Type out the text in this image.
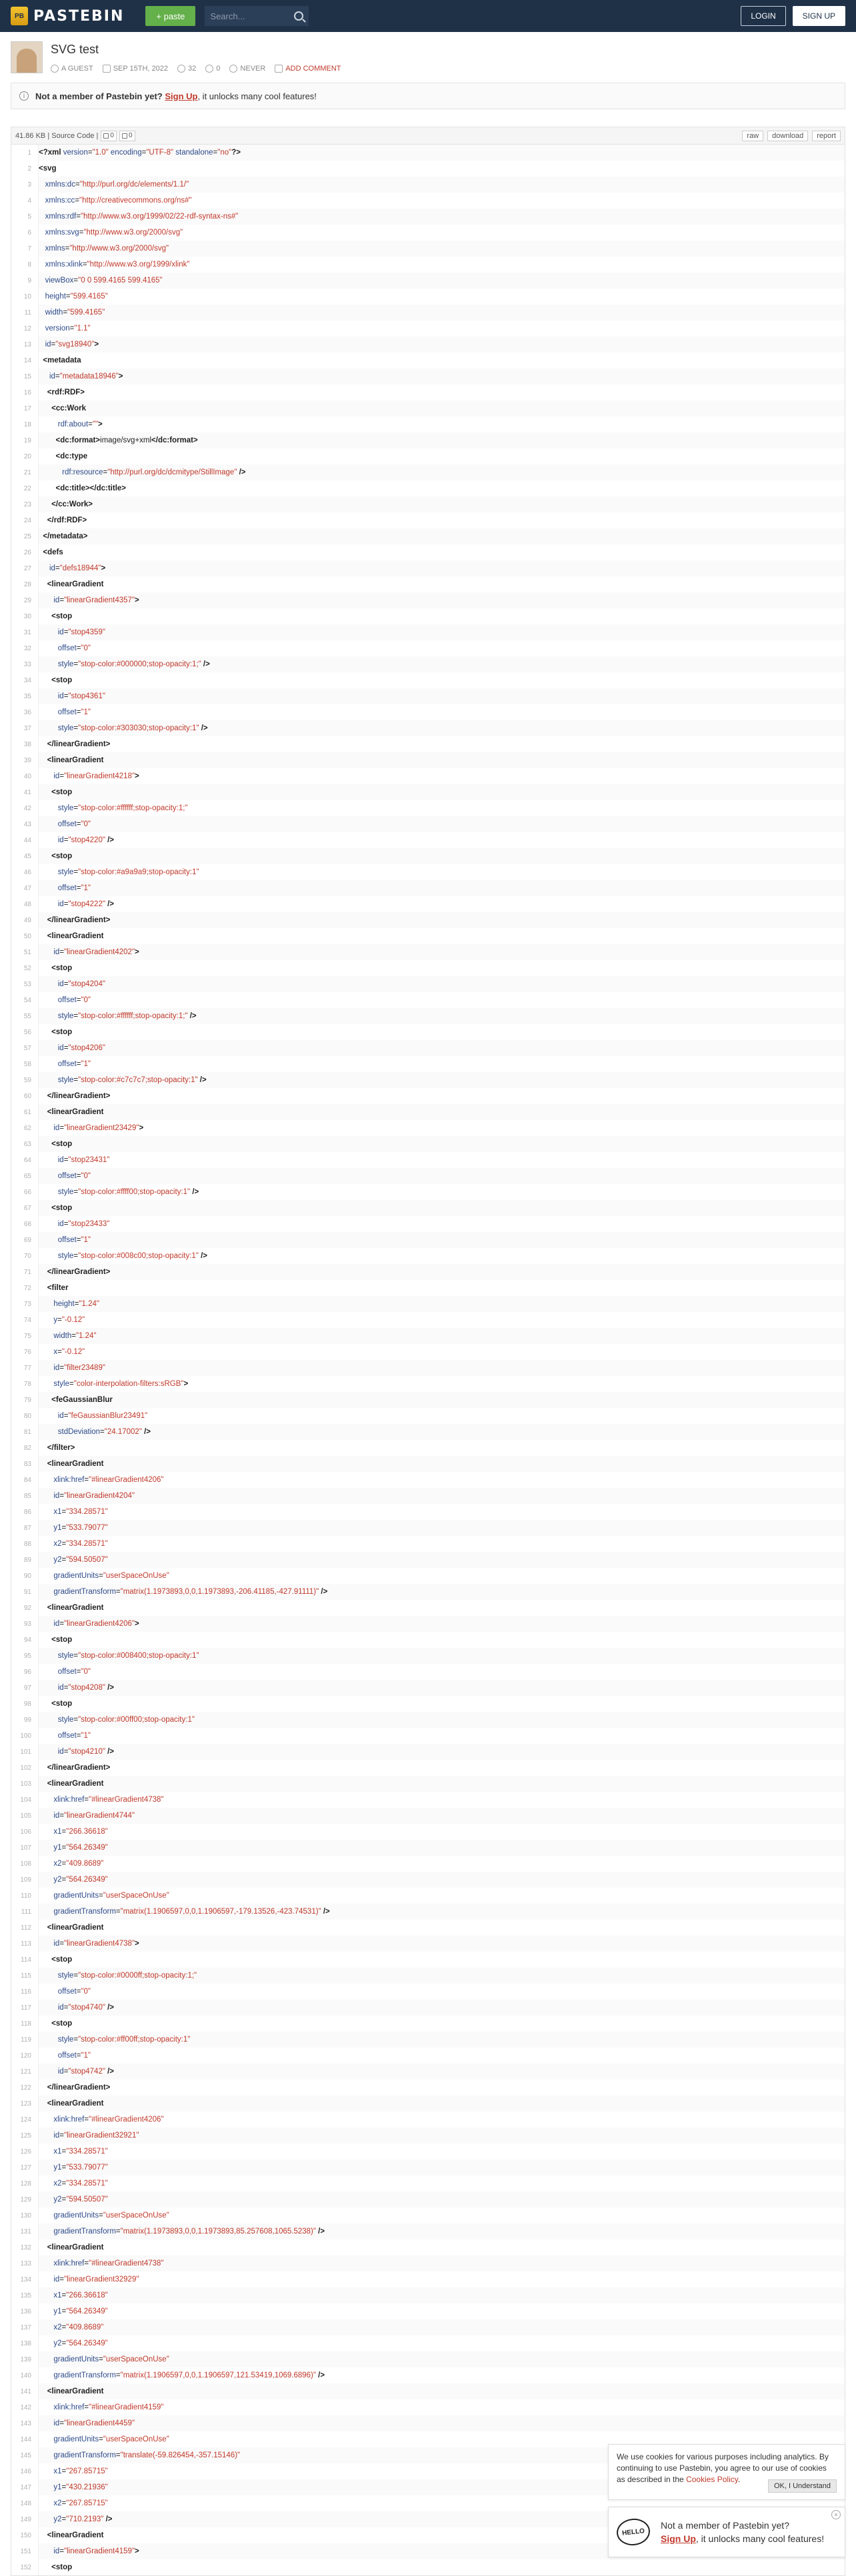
PB PASTEBIN	+ paste
Search...	LOGIN	SIGN UP
SVG test
A GUEST	SEP 15TH, 2022	32	0	NEVER	ADD COMMENT
i	Not a member of Pastebin yet?
Sign Up , it unlocks many cool features!
41.86 KB | Source Code | 0 0	raw	download	report
1 <?xml version = "1.0" encoding = "UTF-8" standalone = "no" ?>
2 <svg
3 xmlns:dc = "http://purl.org/dc/elements/1.1/"
4 xmlns:cc = "http://creativecommons.org/ns#"
5 xmlns:rdf = "http://www.w3.org/1999/02/22-rdf-syntax-ns#"
6 xmlns:svg = "http://www.w3.org/2000/svg"
7 xmlns = "http://www.w3.org/2000/svg"
8 xmlns:xlink = "http://www.w3.org/1999/xlink"
9 viewBox = "0 0 599.4165 599.4165"
10 height = "599.4165"
11 width = "599.4165"
12 version = "1.1"
13 id = "svg18940" >
14 <metadata
15 id = "metadata18946" >
16 <rdf:RDF>
17 <cc:Work
18 rdf:about = "" >
19 <dc:format> image/svg+xml </dc:format>
20 <dc:type
21 rdf:resource = "http://purl.org/dc/dcmitype/StillImage" />
22 <dc:title></dc:title>
23 </cc:Work>
24 </rdf:RDF>
25 </metadata>
26 <defs
27 id = "defs18944" >
28 <linearGradient
29 id = "linearGradient4357" >
30 <stop
31 id = "stop4359"
32 offset = "0"
33 style = "stop-color:#000000;stop-opacity:1;" />
34 <stop
35 id = "stop4361"
36 offset = "1"
37 style = "stop-color:#303030;stop-opacity:1" />
38 </linearGradient>
39 <linearGradient
40 id = "linearGradient4218" >
41 <stop
42 style = "stop-color:#ffffff;stop-opacity:1;"
43 offset = "0"
44 id = "stop4220" />
45 <stop
46 style = "stop-color:#a9a9a9;stop-opacity:1"
47 offset = "1"
48 id = "stop4222" />
49 </linearGradient>
50 <linearGradient
51 id = "linearGradient4202" >
52 <stop
53 id = "stop4204"
54 offset = "0"
55 style = "stop-color:#ffffff;stop-opacity:1;" />
56 <stop
57 id = "stop4206"
58 offset = "1"
59 style = "stop-color:#c7c7c7;stop-opacity:1" />
60 </linearGradient>
61 <linearGradient
62 id = "linearGradient23429" >
63 <stop
64 id = "stop23431"
65 offset = "0"
66 style = "stop-color:#ffff00;stop-opacity:1" />
67 <stop
68 id = "stop23433"
69 offset = "1"
70 style = "stop-color:#008c00;stop-opacity:1" />
71 </linearGradient>
72 <filter
73 height = "1.24"
74 y = "-0.12"
75 width = "1.24"
76 x = "-0.12"
77 id = "filter23489"
78 style = "color-interpolation-filters:sRGB" >
79 <feGaussianBlur
80 id = "feGaussianBlur23491"
81 stdDeviation = "24.17002" />
82 </filter>
83 <linearGradient
84 xlink:href = "#linearGradient4206"
85 id = "linearGradient4204"
86 x1 = "334.28571"
87 y1 = "533.79077"
88 x2 = "334.28571"
89 y2 = "594.50507"
90 gradientUnits = "userSpaceOnUse"
91 gradientTransform = "matrix(1.1973893,0,0,1.1973893,-206.41185,-427.91111)" />
92 <linearGradient
93 id = "linearGradient4206" >
94 <stop
95 style = "stop-color:#008400;stop-opacity:1"
96 offset = "0"
97 id = "stop4208" />
98 <stop
99 style = "stop-color:#00ff00;stop-opacity:1"
100 offset = "1"
101 id = "stop4210" />
102 </linearGradient>
103 <linearGradient
104 xlink:href = "#linearGradient4738"
105 id = "linearGradient4744"
106 x1 = "266.36618"
107 y1 = "564.26349"
108 x2 = "409.8689"
109 y2 = "564.26349"
110 gradientUnits = "userSpaceOnUse"
111 gradientTransform = "matrix(1.1906597,0,0,1.1906597,-179.13526,-423.74531)" />
112 <linearGradient
113 id = "linearGradient4738" >
114 <stop
115 style = "stop-color:#0000ff;stop-opacity:1;"
116 offset = "0"
117 id = "stop4740" />
118 <stop
119 style = "stop-color:#ff00ff;stop-opacity:1"
120 offset = "1"
121 id = "stop4742" />
122 </linearGradient>
123 <linearGradient
124 xlink:href = "#linearGradient4206"
125 id = "linearGradient32921"
126 x1 = "334.28571"
127 y1 = "533.79077"
128 x2 = "334.28571"
129 y2 = "594.50507"
130 gradientUnits = "userSpaceOnUse"
131 gradientTransform = "matrix(1.1973893,0,0,1.1973893,85.257608,1065.5238)" />
132 <linearGradient
133 xlink:href = "#linearGradient4738"
134 id = "linearGradient32929"
135 x1 = "266.36618"
136 y1 = "564.26349"
137 x2 = "409.8689"
138 y2 = "564.26349"
139 gradientUnits = "userSpaceOnUse"
140 gradientTransform = "matrix(1.1906597,0,0,1.1906597,121.53419,1069.6896)" />
141 <linearGradient
142 xlink:href = "#linearGradient4159"
143 id = "linearGradient4459"
144 gradientUnits = "userSpaceOnUse"
145 gradientTransform = "translate(-59.826454,-357.15146)"
146 x1 = "267.85715"
147 y1 = "430.21936"
148 x2 = "267.85715"
149 y2 = "710.2193" />
150 <linearGradient
151 id = "linearGradient4159" >
152 <stop
We use cookies for various purposes including analytics. By continuing to use Pastebin, you agree to our use of cookies as described in the Cookies Policy.
OK, I Understand
×
HELLO
Not a member of Pastebin yet?
Sign Up, it unlocks many cool features!
